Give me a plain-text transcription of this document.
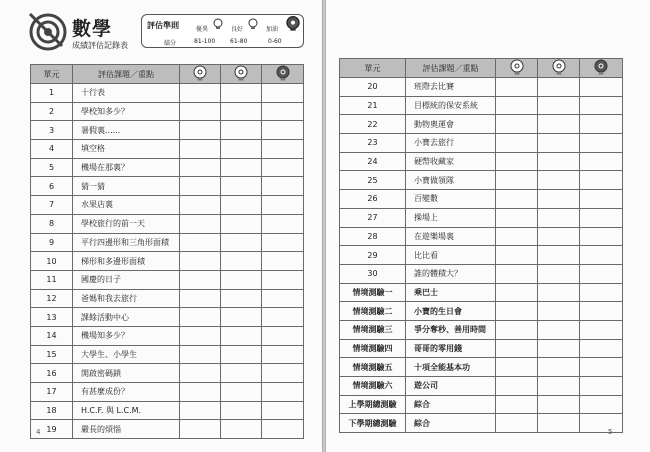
數學
成績評估記錄表
評估準則	優異	良好	加油
績分	81-100 61-80	0-60
單元	評估課題／重點			
1	十行表			
2	學校知多少？			
3	暑假裏......			
4	填空格			
5	機場在那裏？			
6	猜一猜			
7	水果店裏			
8	學校旅行的前一天			
9	平行四邊形和三角形面積			
10	梯形和多邊形面積			
11	國慶的日子			
12	爸媽和我去旅行			
13	課餘活動中心			
14	機場知多少？			
15	大學生、小學生			
16	開啟密碼鎖			
17	有甚麼成份？			
18	H.C.F. 與 L.C.M.			
19	嚴長的煩惱			
4
單元	評估課題／重點			
20	班際去比賽			
21	目標統的保安系統			
22	動物奧運會			
23	小寶去旅行			
24	硬幣收藏家			
25	小寶做領隊			
26	百變數			
27	操場上			
28	在遊樂場裏			
29	比比看			
30	誰的體積大？			
情境測驗一	乘巴士			
情境測驗二	小寶的生日會			
情境測驗三	爭分奪秒、善用時間			
情境測驗四	哥哥的零用錢			
情境測驗五	十項全能基本功			
情境測驗六	遊公司			
上學期總測驗	綜合			
下學期總測驗	綜合			
5
